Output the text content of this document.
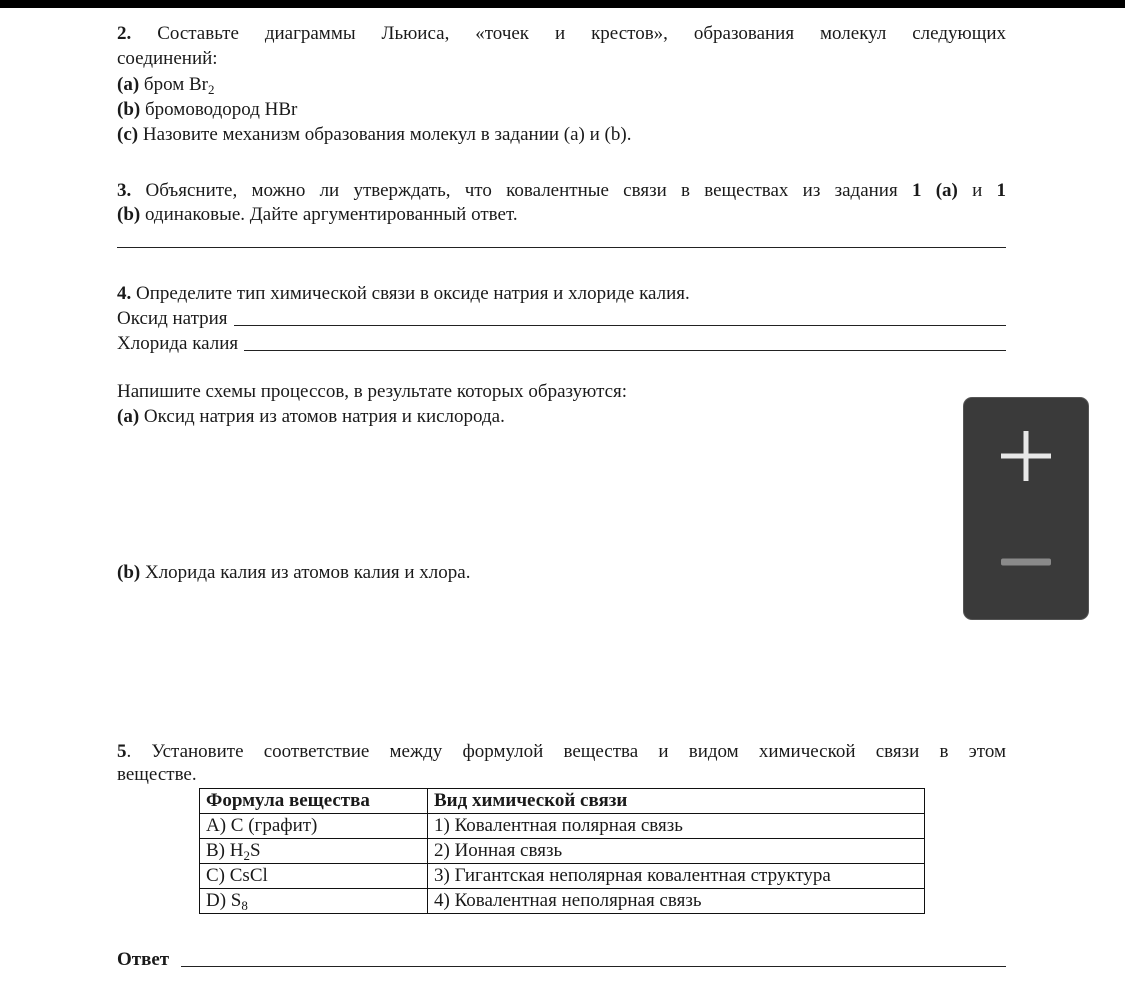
2. Составьте диаграммы Льюиса, «точек и крестов», образования молекул следующих
соединений:
(a) бром $Br_2$
(b) бромоводород HBr
(c) Назовите механизм образования молекул в задании (a) и (b).
3. Объясните, можно ли утверждать, что ковалентные связи в веществах из задания 1 (a) и 1
(b) одинаковые. Дайте аргументированный ответ.
4. Определите тип химической связи в оксиде натрия и хлориде калия.
Оксид натрия
Хлорида калия
Напишите схемы процессов, в результате которых образуются:
(a) Оксид натрия из атомов натрия и кислорода.
(b) Хлорида калия из атомов калия и хлора.
5. Установите соответствие между формулой вещества и видом химической связи в этом
веществе.
Формула вещества	Вид химической связи
A) C (графит)	1) Ковалентная полярная связь
B) $H_2S$	2) Ионная связь
C) CsCl	3) Гигантская неполярная ковалентная структура
D) $S_8$	4) Ковалентная неполярная связь
Ответ
